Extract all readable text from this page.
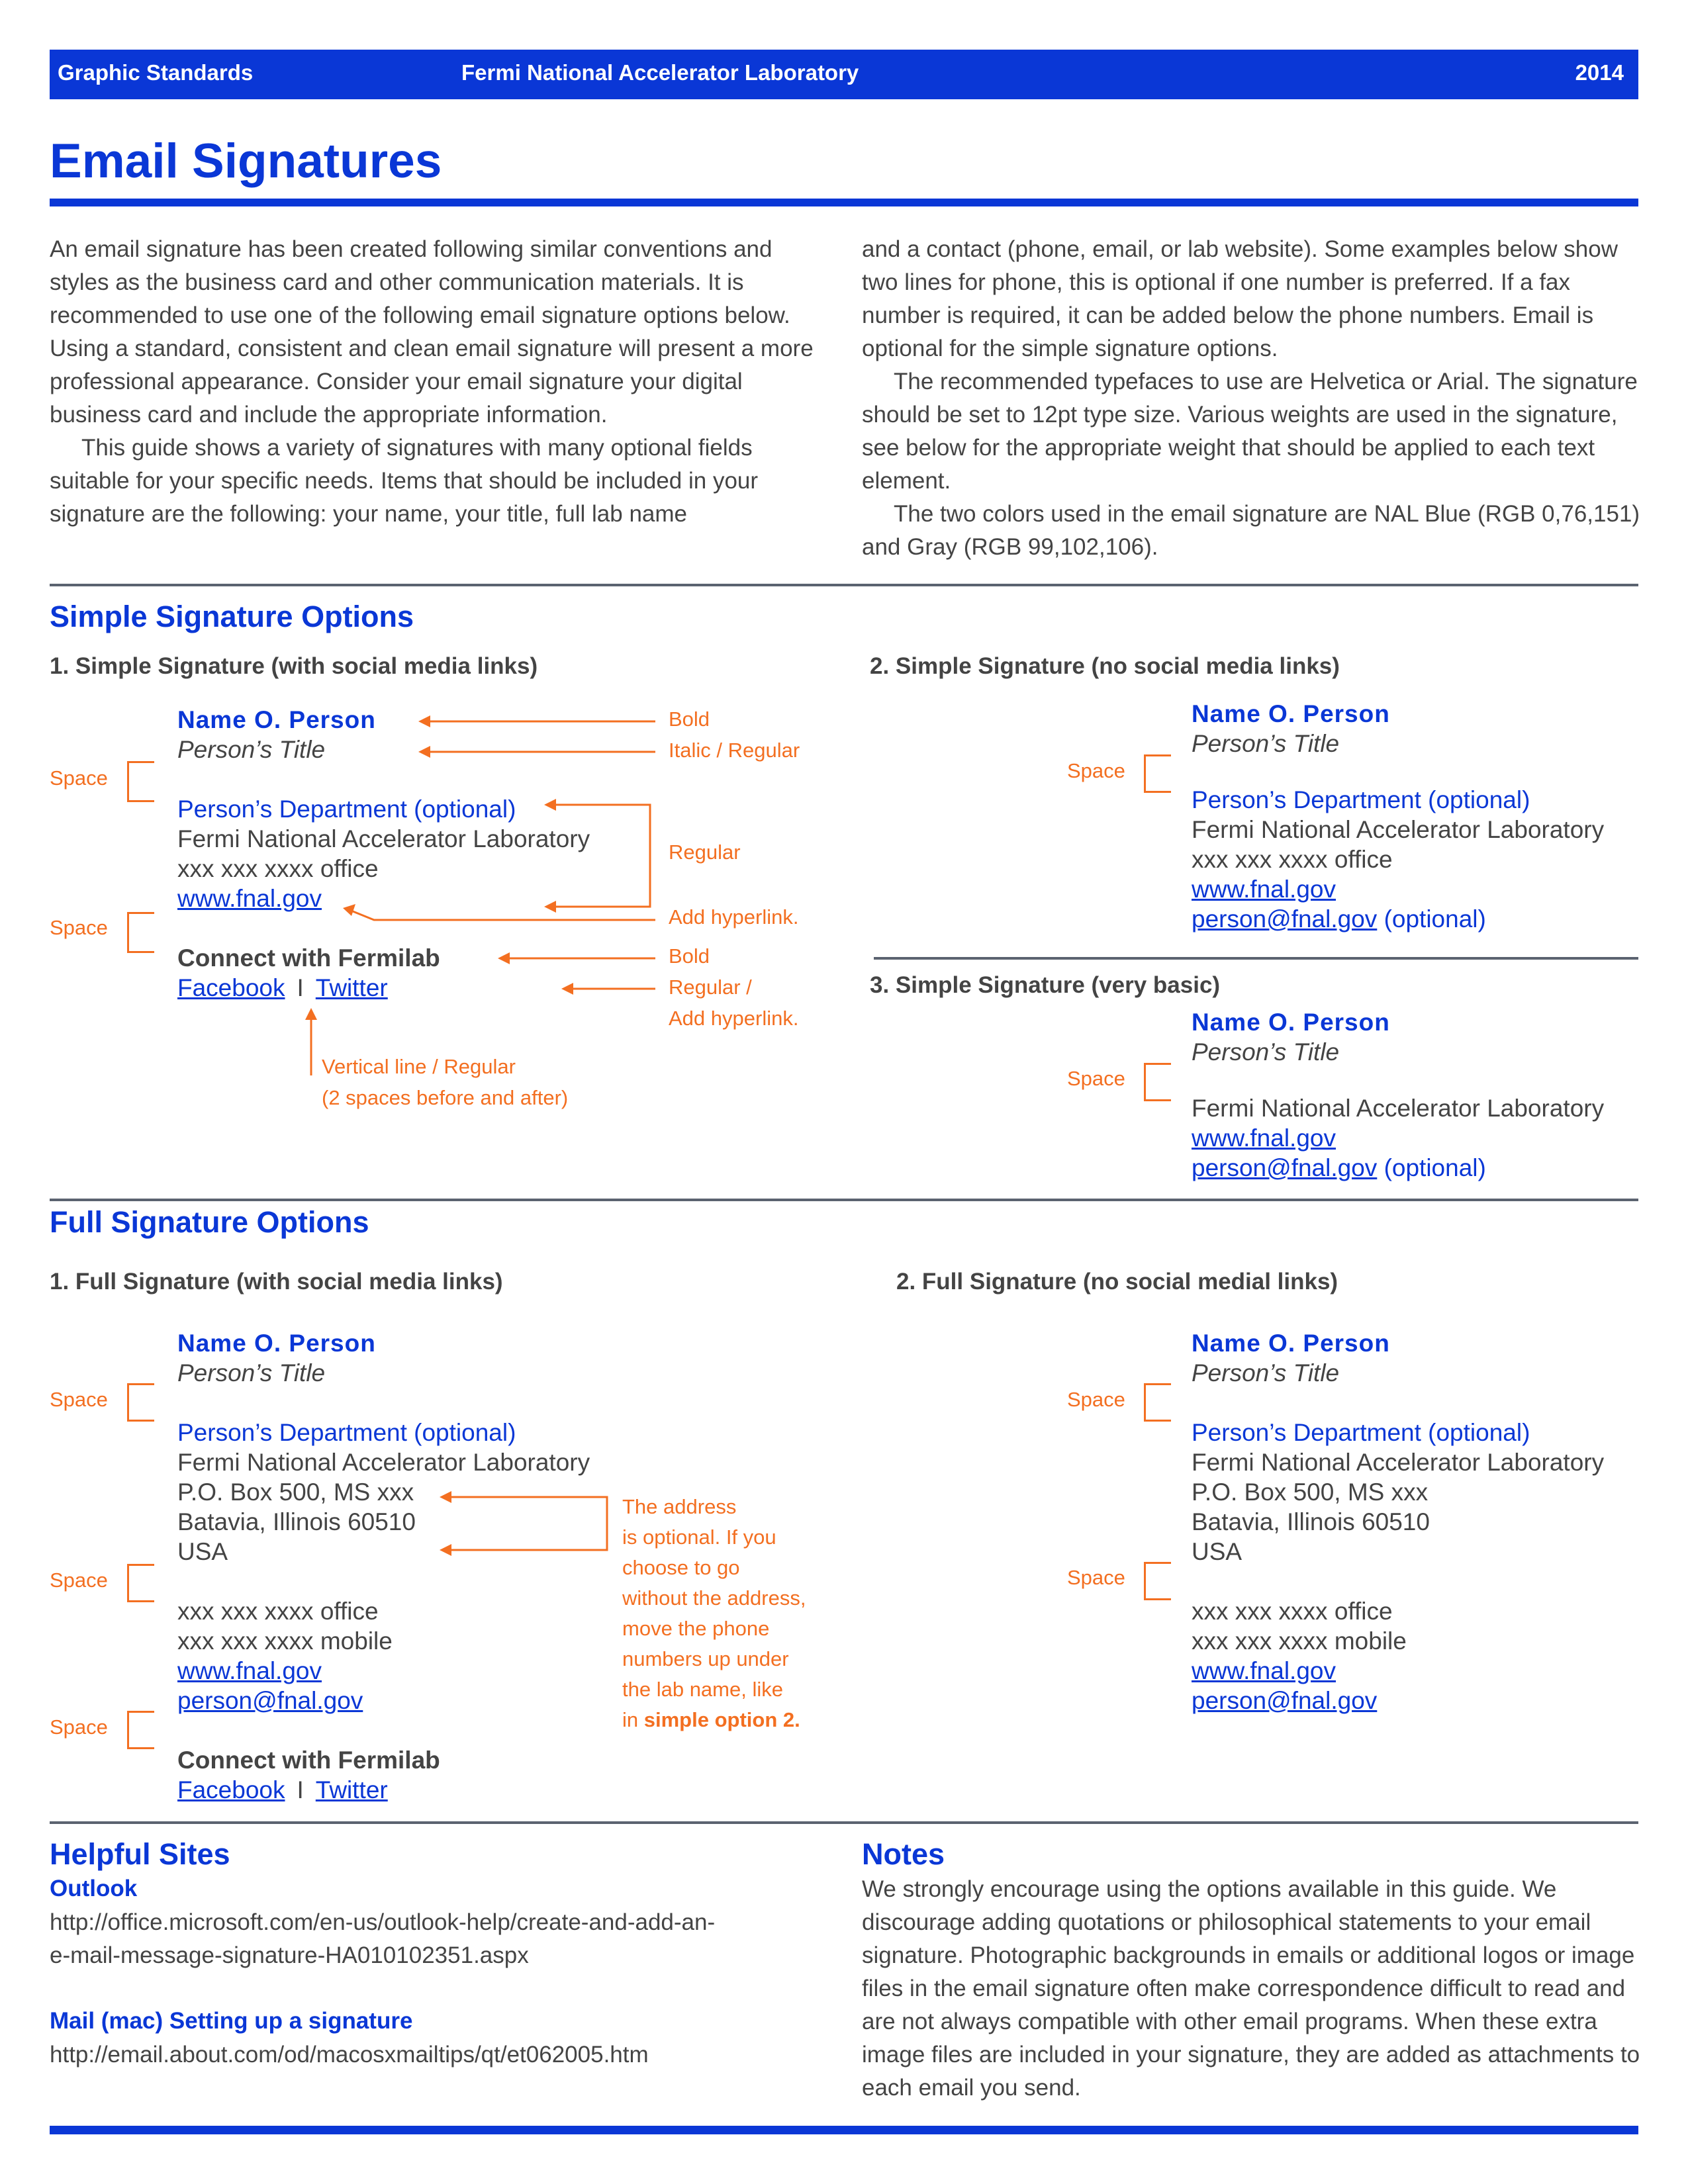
Graphic Standards	Fermi National Accelerator Laboratory	2014
Email Signatures

An email signature has been created following similar conventions and styles as the business card and other communication materials. It is recommended to use one of the following email signature options below. Using a standard, consistent and clean email signature will present a more professional appearance. Consider your email signature your digital business card and include the appropriate information.

This guide shows a variety of signatures with many optional fields suitable for your specific needs. Items that should be included in your signature are the following: your name, your title, full lab name

and a contact (phone, email, or lab website). Some examples below show two lines for phone, this is optional if one number is preferred. If a fax number is required, it can be added below the phone numbers. Email is optional for the simple signature options.

The recommended typefaces to use are Helvetica or Arial. The signature should be set to 12pt type size. Various weights are used in the signature, see below for the appropriate weight that should be applied to each text element.

The two colors used in the email signature are NAL Blue (RGB 0,76,151) and Gray (RGB 99,102,106).

Simple Signature Options
1. Simple Signature (with social media links)	2. Simple Signature (no social media links)
Name O. Person
Person’s Title
Person’s Department (optional)
Fermi National Accelerator Laboratory
xxx xxx xxxx office
www.fnal.gov
Connect with Fermilab
Facebook I Twitter
Space
Space
Bold
Italic / Regular
Regular
Add hyperlink.
Bold
Regular /
Add hyperlink.
Vertical line / Regular
(2 spaces before and after)
Name O. Person
Person’s Title
Person’s Department (optional)
Fermi National Accelerator Laboratory
xxx xxx xxxx office
www.fnal.gov
person@fnal.gov (optional)
Space
3. Simple Signature (very basic)
Name O. Person
Person’s Title
Fermi National Accelerator Laboratory
www.fnal.gov
person@fnal.gov (optional)
Space
Full Signature Options
1. Full Signature (with social media links)	2. Full Signature (no social medial links)
Name O. Person
Person’s Title
Person’s Department (optional)
Fermi National Accelerator Laboratory
P.O. Box 500, MS xxx
Batavia, Illinois 60510
USA
xxx xxx xxxx office
xxx xxx xxxx mobile
www.fnal.gov
person@fnal.gov
Connect with Fermilab
Facebook I Twitter
Space
Space
Space
The address
is optional. If you
choose to go
without the address,
move the phone
numbers up under
the lab name, like
in simple option 2.
Name O. Person
Person’s Title
Person’s Department (optional)
Fermi National Accelerator Laboratory
P.O. Box 500, MS xxx
Batavia, Illinois 60510
USA
xxx xxx xxxx office
xxx xxx xxxx mobile
www.fnal.gov
person@fnal.gov
Space
Space
Helpful Sites
Outlook
http://office.microsoft.com/en-us/outlook-help/create-and-add-an-
e-mail-message-signature-HA010102351.aspx
Mail (mac) Setting up a signature
http://email.about.com/od/macosxmailtips/qt/et062005.htm
Notes

We strongly encourage using the options available in this guide. We discourage adding quotations or philosophical statements to your email signature. Photographic backgrounds in emails or additional logos or image files in the email signature often make correspondence difficult to read and are not always compatible with other email programs. When these extra image files are included in your signature, they are added as attachments to each email you send.
